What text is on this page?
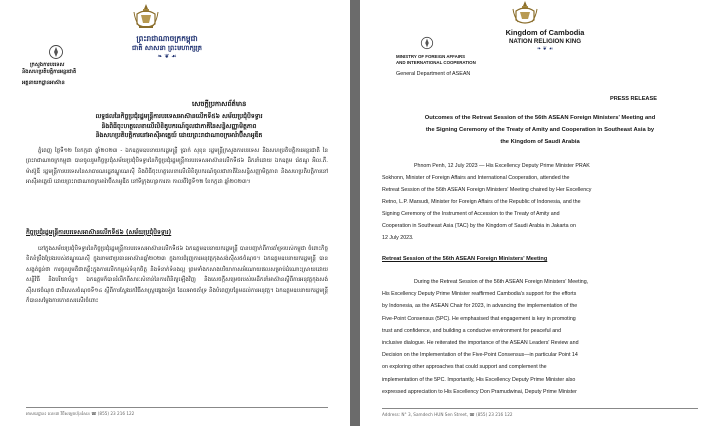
ព្រះរាជាណាចក្រកម្ពុជា
ជាតិ សាសនា ព្រះមហាក្សត្រ
❧ ❦ ☙
ក្រសួងការបរទេស
និងសហប្រតិបត្តិការអន្តរជាតិ
អគ្គនាយកដ្ឋានអាស៊ាន
សេចក្តីប្រកាសព័ត៌មាន
លទ្ធផលនៃកិច្ចប្រជុំរដ្ឋមន្ត្រីការបរទេសអាស៊ានលើកទី៥៦ សម័យប្រជុំបិទទ្វារ
និងពិធីចុះហត្ថលេខាលើលិខិតូបករណ៍ចូលជាភាគីនៃសន្ធិសញ្ញាមិត្តភាព
និងសហប្រតិបត្តិការនៅអាស៊ីអាគ្នេយ៍ ដោយព្រះរាជាណាចក្រអារ៉ាប៊ីសាអូឌីត
ភ្នំពេញ ថ្ងៃទី១២ ខែកក្កដា ឆ្នាំ២០២៣ - ឯកឧត្តមឧបនាយករដ្ឋមន្ត្រី ប្រាក់ សុខុន រដ្ឋមន្ត្រីក្រសួងការបរទេស និងសហប្រតិបត្តិការអន្តរជាតិ នៃព្រះរាជាណាចក្រកម្ពុជា បានចូលរួមកិច្ចប្រជុំសម័យប្រជុំបិទទ្វារនៃកិច្ចប្រជុំរដ្ឋមន្ត្រីការបរទេសអាស៊ានលើកទី៥៦ ដឹកនាំដោយ ឯកឧត្តម រ៉េតណូ អិល.ភី. ម៉ាស៊ូឌី រដ្ឋមន្ត្រីការបរទេសនៃសាធារណរដ្ឋឥណ្ឌូណេស៊ី និងពិធីចុះហត្ថលេខាលើលិខិតូបករណ៍ចូលជាភាគីនៃសន្ធិសញ្ញាមិត្តភាព និងសហប្រតិបត្តិការនៅអាស៊ីអាគ្នេយ៍ ដោយព្រះរាជាណាចក្រអារ៉ាប៊ីសាអូឌីត នៅទីក្រុងហ្សាការតា កាលពីថ្ងៃទី១២ ខែកក្កដា ឆ្នាំ២០២៣។
កិច្ចប្រជុំរដ្ឋមន្ត្រីការបរទេសអាស៊ានលើកទី៥៦ (សម័យប្រជុំបិទទ្វារ)
នៅក្នុងសម័យប្រជុំបិទទ្វារនៃកិច្ចប្រជុំរដ្ឋមន្ត្រីការបរទេសអាស៊ានលើកទី៥៦ ឯកឧត្តមឧបនាយករដ្ឋមន្ត្រី បានបញ្ជាក់ពីការគាំទ្ររបស់កម្ពុជា ចំពោះកិច្ចខិតខំប្រឹងប្រែងរបស់ឥណ្ឌូណេស៊ី ក្នុងនាមជាប្រធានអាស៊ានឆ្នាំ២០២៣ ក្នុងការជំរុញការអនុវត្តកុងសង់ស៊ីស៥ចំណុច។ ឯកឧត្តមឧបនាយករដ្ឋមន្ត្រី បានសង្កត់ធ្ងន់ថា ការចូលរួមគឺជាគន្លឹះក្នុងការលើកកម្ពស់ទំនុកចិត្ត និងទំនាក់ទំនងល្អ ព្រមទាំងកសាងបរិយាកាសអំណោយផលសម្រាប់ដំណោះស្រាយដោយសន្តិវិធី និងបរិយាប័ន្ន។ ឯកឧត្តមក៏បានរំលឹកពីសារៈសំខាន់នៃការពិនិត្យឡើងវិញ និងសេចក្តីសម្រេចរបស់មេដឹកនាំអាស៊ានស្តីពីការអនុវត្តកុងសង់ស៊ីស៥ចំណុច ជាពិសេសចំណុចទី១៤ ស្តីពីការស្វែងរកវិធីសាស្ត្រផ្សេងទៀត ដែលអាចគាំទ្រ និងបំពេញបន្ថែមដល់ការអនុវត្ត។ ឯកឧត្តមឧបនាយករដ្ឋមន្ត្រី ក៏បានសម្តែងការកោតសរសើរចំពោះ
អាសយដ្ឋាន៖ លេខ៣ វិថីសម្តេចហ៊ុនសែន ☎ (855) 23 216 122
Kingdom of Cambodia
NATION RELIGION KING
❧ ❦ ☙
MINISTRY OF FOREIGN AFFAIRS
AND INTERNATIONAL COOPERATION
General Department of ASEAN
PRESS RELEASE
Outcomes of the Retreat Session of the 56th ASEAN Foreign Ministers' Meeting and
the Signing Ceremony of the Treaty of Amity and Cooperation in Southeast Asia by
the Kingdom of Saudi Arabia
Phnom Penh, 12 July 2023 — His Excellency Deputy Prime Minister PRAK
Sokhonn, Minister of Foreign Affairs and International Cooperation, attended the
Retreat Session of the 56th ASEAN Foreign Ministers' Meeting chaired by Her Excellency
Retno, L.P. Marsudi, Minister for Foreign Affairs of the Republic of Indonesia, and the
Signing Ceremony of the Instrument of Accession to the Treaty of Amity and
Cooperation in Southeast Asia (TAC) by the Kingdom of Saudi Arabia in Jakarta on
12 July 2023.
Retreat Session of the 56th ASEAN Foreign Ministers' Meeting
During the Retreat Session of the 56th ASEAN Foreign Ministers' Meeting,
His Excellency Deputy Prime Minister reaffirmed Cambodia's support for the efforts
by Indonesia, as the ASEAN Chair for 2023, in advancing the implementation of the
Five-Point Consensus (5PC). He emphasised that engagement is key in promoting
trust and confidence, and building a conducive environment for peaceful and
inclusive dialogue. He reiterated the importance of the ASEAN Leaders' Review and
Decision on the Implementation of the Five-Point Consensus—in particular Point 14
on exploring other approaches that could support and complement the
implementation of the 5PC. Importantly, His Excellency Deputy Prime Minister also
expressed appreciation to His Excellency Don Pramudwinai, Deputy Prime Minister
Address: N° 3, Samdech HUN Sen Street, ☎ (855) 23 216 122
